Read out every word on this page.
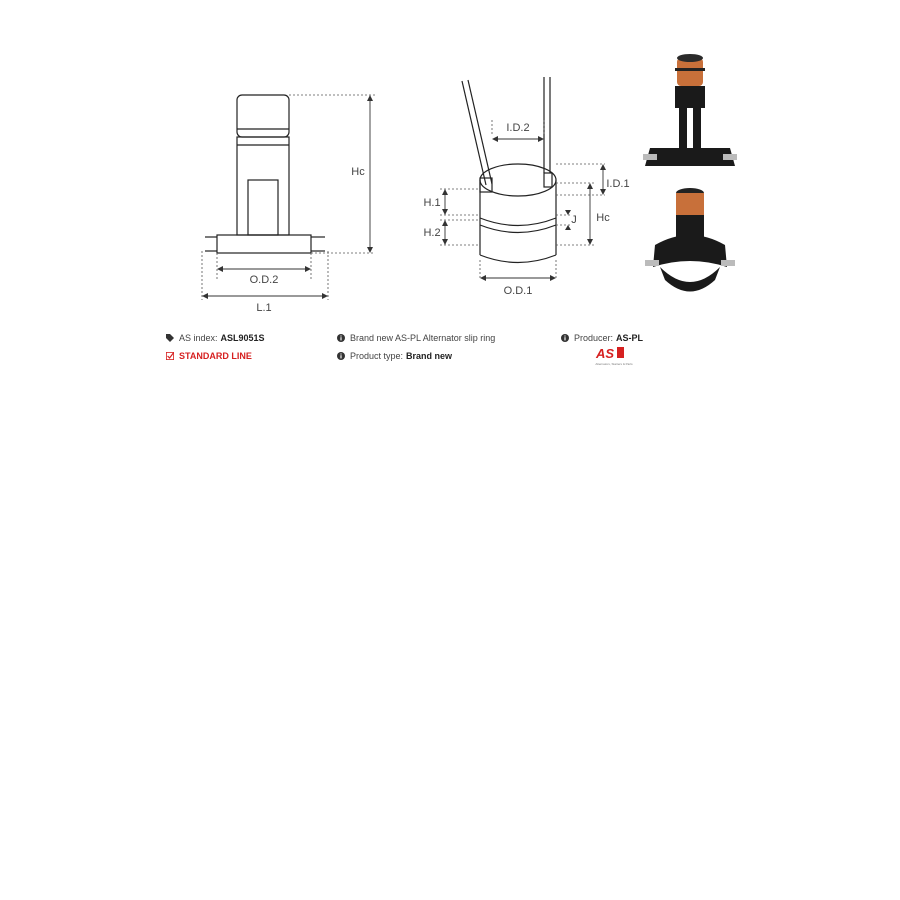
Hc
O.D.2
L.1
I.D.2
I.D.1
H.1
H.2
J Hc
O.D.1
AS index: ASL9051S
STANDARD LINE
Brand new AS-PL Alternator slip ring
Product type: Brand new
Producer: AS-PL
AS
Alternators, Starters & Parts
